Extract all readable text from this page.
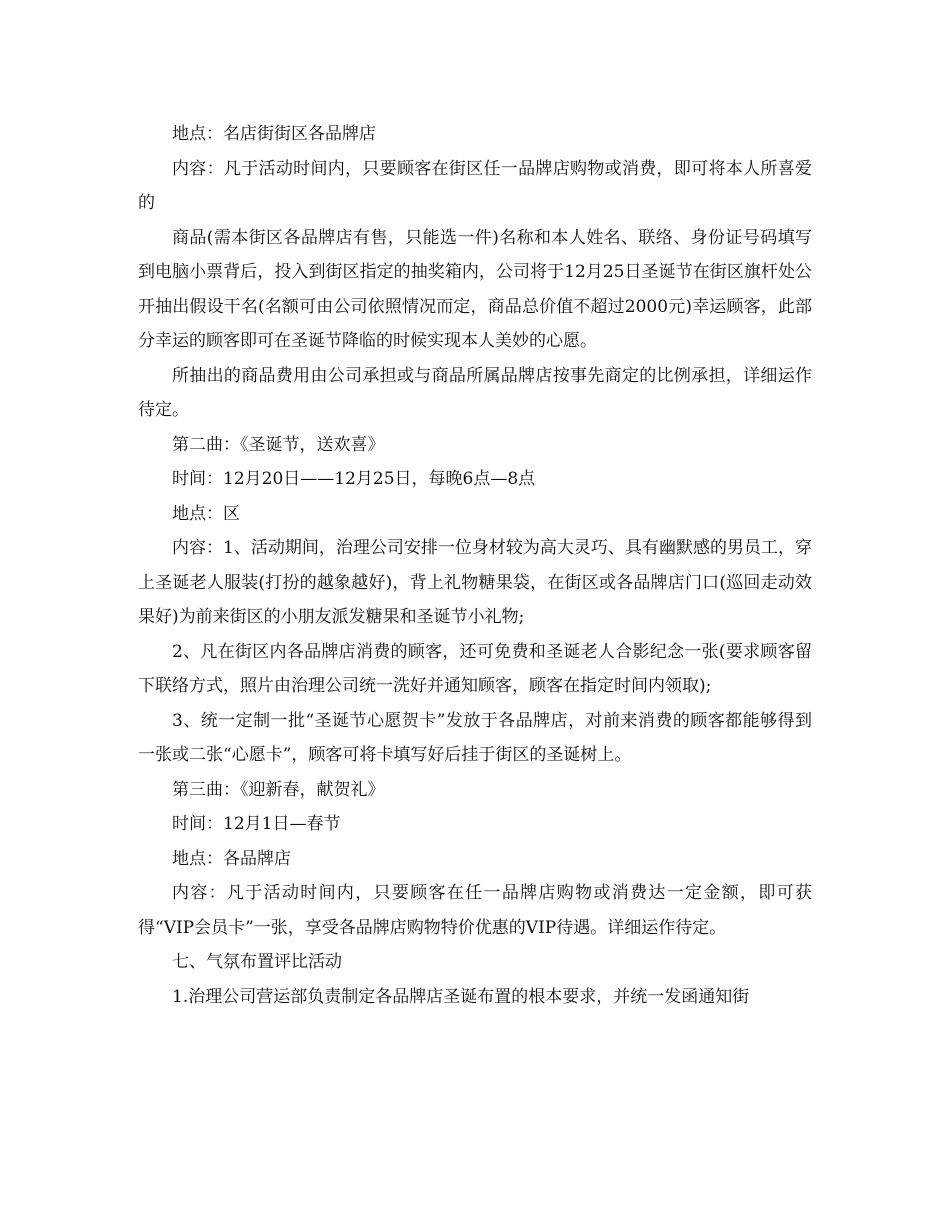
地点：名店街街区各品牌店

内容：凡于活动时间内，只要顾客在街区任一品牌店购物或消费，即可将本人所喜爱的

商品(需本街区各品牌店有售，只能选一件)名称和本人姓名、联络、身份证号码填写到电脑小票背后，投入到街区指定的抽奖箱内，公司将于12月25日圣诞节在街区旗杆处公开抽出假设干名(名额可由公司依照情况而定，商品总价值不超过2000元)幸运顾客，此部分幸运的顾客即可在圣诞节降临的时候实现本人美妙的心愿。

所抽出的商品费用由公司承担或与商品所属品牌店按事先商定的比例承担，详细运作待定。

第二曲：《圣诞节，送欢喜》

时间：12月20日——12月25日，每晚6点—8点

地点：区

内容：1、活动期间，治理公司安排一位身材较为高大灵巧、具有幽默感的男员工，穿上圣诞老人服装(打扮的越象越好)，背上礼物糖果袋，在街区或各品牌店门口(巡回走动效果好)为前来街区的小朋友派发糖果和圣诞节小礼物;

2、凡在街区内各品牌店消费的顾客，还可免费和圣诞老人合影纪念一张(要求顾客留下联络方式，照片由治理公司统一洗好并通知顾客，顾客在指定时间内领取);

3、统一定制一批“圣诞节心愿贺卡”发放于各品牌店，对前来消费的顾客都能够得到一张或二张“心愿卡”，顾客可将卡填写好后挂于街区的圣诞树上。

第三曲：《迎新春，献贺礼》

时间：12月1日—春节

地点：各品牌店

内容：凡于活动时间内，只要顾客在任一品牌店购物或消费达一定金额，即可获得“VIP会员卡”一张，享受各品牌店购物特价优惠的VIP待遇。详细运作待定。

七、气氛布置评比活动

1.治理公司营运部负责制定各品牌店圣诞布置的根本要求，并统一发函通知街
